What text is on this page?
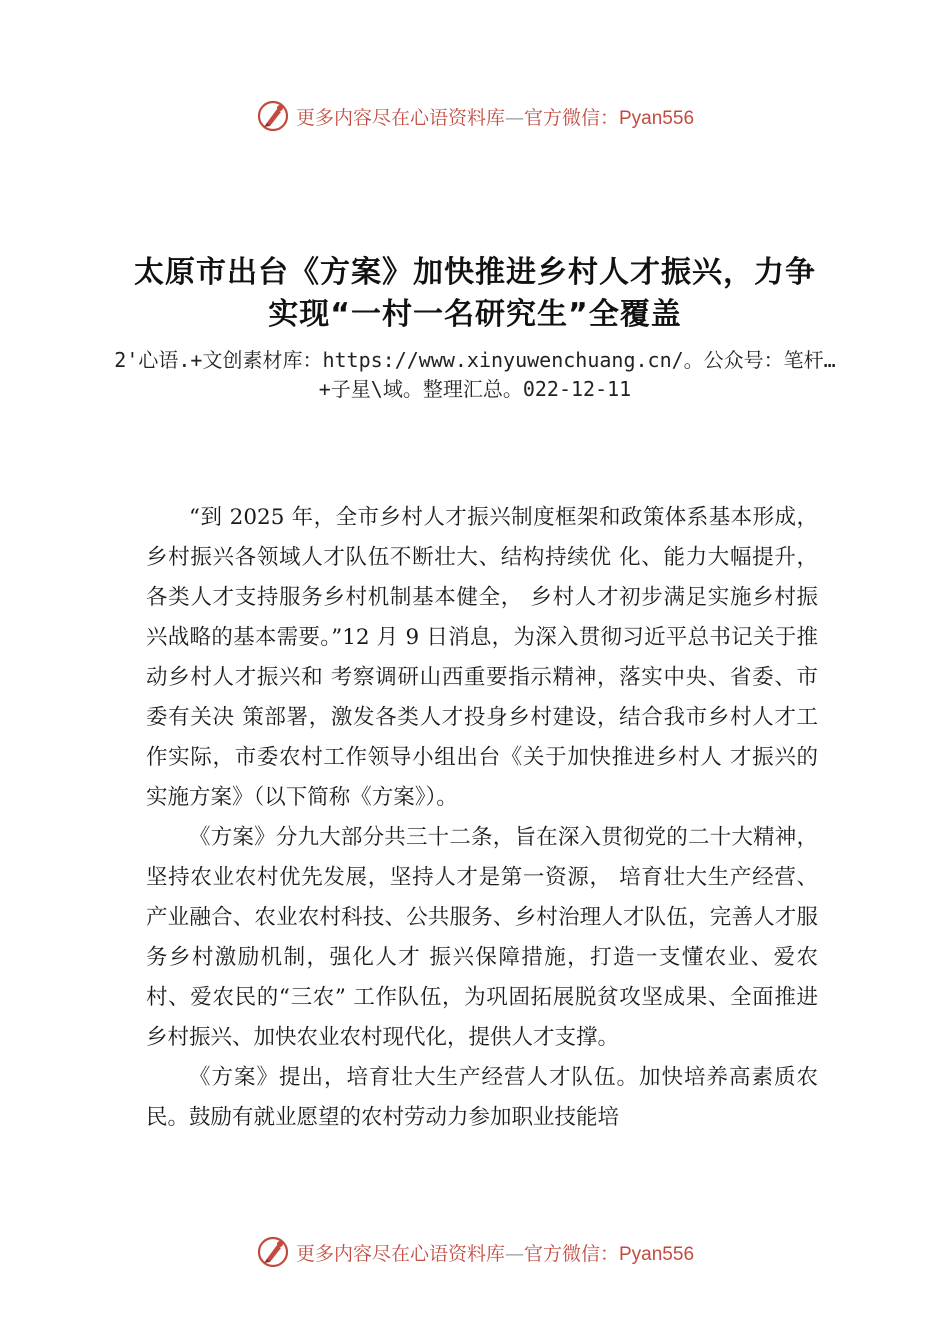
更多内容尽在心语资料库—官方微信：Pyan556
太原市出台《方案》加快推进乡村人才振兴，力争实现“一村一名研究生”全覆盖
2'心语.+文创素材库：https://www.xinyuwenchuang.cn/。公众号：笔杆…+子星\域。整理汇总。022-12-11

“到 2025 年，全市乡村人才振兴制度框架和政策体系基本形成，乡村振兴各领域人才队伍不断壮大、结构持续优 化、能力大幅提升，各类人才支持服务乡村机制基本健全， 乡村人才初步满足实施乡村振兴战略的基本需要。”12 月 9 日消息，为深入贯彻习近平总书记关于推动乡村人才振兴和 考察调研山西重要指示精神，落实中央、省委、市委有关决 策部署，激发各类人才投身乡村建设，结合我市乡村人才工 作实际，市委农村工作领导小组出台《关于加快推进乡村人 才振兴的实施方案》（以下简称《方案》）。

《方案》分九大部分共三十二条，旨在深入贯彻党的二十大精神，坚持农业农村优先发展，坚持人才是第一资源， 培育壮大生产经营、产业融合、农业农村科技、公共服务、乡村治理人才队伍，完善人才服务乡村激励机制，强化人才 振兴保障措施，打造一支懂农业、爱农村、爱农民的“三农” 工作队伍，为巩固拓展脱贫攻坚成果、全面推进乡村振兴、加快农业农村现代化，提供人才支撑。

《方案》提出，培育壮大生产经营人才队伍。加快培养高素质农民。鼓励有就业愿望的农村劳动力参加职业技能培

更多内容尽在心语资料库—官方微信：Pyan556
